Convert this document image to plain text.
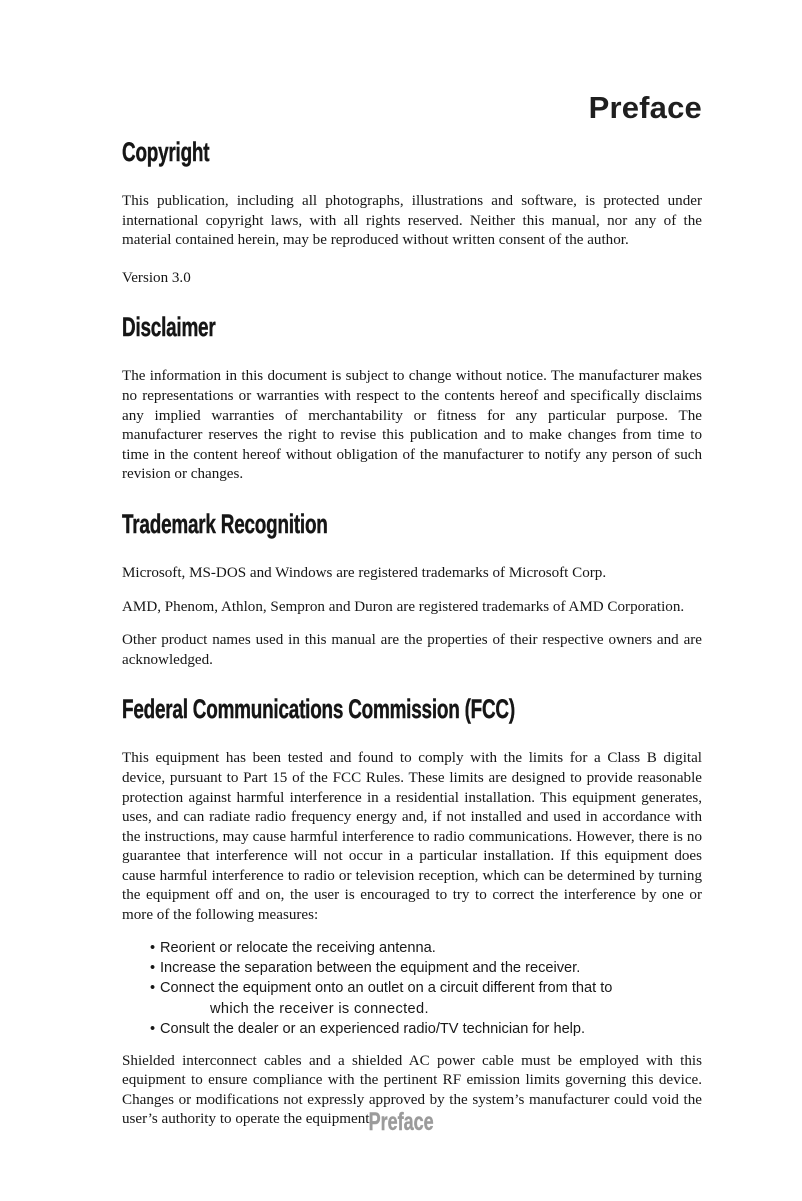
Preface
Copyright

This publication, including all photographs, illustrations and software, is protected under international copyright laws, with all rights reserved. Neither this manual, nor any of the material contained herein, may be reproduced without written consent of the author.

Version 3.0

Disclaimer

The information in this document is subject to change without notice. The manufacturer makes no representations or warranties with respect to the contents hereof and specifically disclaims any implied warranties of merchantability or fitness for any particular purpose. The manufacturer reserves the right to revise this publication and to make changes from time to time in the content hereof without obligation of the manufacturer to notify any person of such revision or changes.

Trademark Recognition

Microsoft, MS-DOS and Windows are registered trademarks of Microsoft Corp.

AMD, Phenom, Athlon, Sempron and Duron are registered trademarks of AMD Corporation.

Other product names used in this manual are the properties of their respective owners and are acknowledged.

Federal Communications Commission (FCC)

This equipment has been tested and found to comply with the limits for a Class B digital device, pursuant to Part 15 of the FCC Rules. These limits are designed to provide reasonable protection against harmful interference in a residential installation. This equipment generates, uses, and can radiate radio frequency energy and, if not installed and used in accordance with the instructions, may cause harmful interference to radio communications. However, there is no guarantee that interference will not occur in a particular installation. If this equipment does cause harmful interference to radio or television reception, which can be determined by turning the equipment off and on, the user is encouraged to try to correct the interference by one or more of the following measures:

• Reorient or relocate the receiving antenna.
• Increase the separation between the equipment and the receiver.
• Connect the equipment onto an outlet on a circuit different from that to
which the receiver is connected.
• Consult the dealer or an experienced radio/TV technician for help.

Shielded interconnect cables and a shielded AC power cable must be employed with this equipment to ensure compliance with the pertinent RF emission limits governing this device. Changes or modifications not expressly approved by the system’s manufacturer could void the user’s authority to operate the equipment.

Preface
